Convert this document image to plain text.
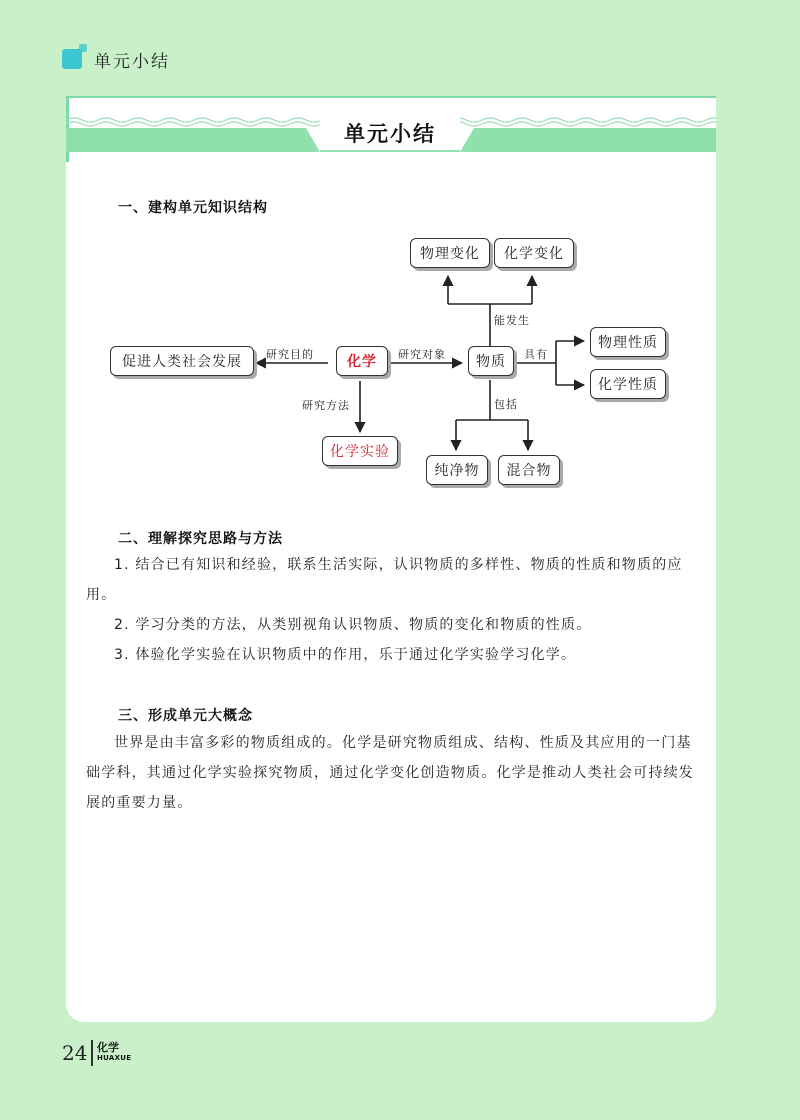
单元小结
单元小结
一、建构单元知识结构
物理变化	化学变化
促进人类社会发展	化学	物质
物理性质
化学性质
化学实验
纯净物	混合物
能发生
研究目的	研究对象	具有
研究方法	包括
二、理解探究思路与方法

1. 结合已有知识和经验，联系生活实际，认识物质的多样性、物质的性质和物质的应用。

2. 学习分类的方法，从类别视角认识物质、物质的变化和物质的性质。

3. 体验化学实验在认识物质中的作用，乐于通过化学实验学习化学。

三、形成单元大概念

世界是由丰富多彩的物质组成的。化学是研究物质组成、结构、性质及其应用的一门基础学科，其通过化学实验探究物质，通过化学变化创造物质。化学是推动人类社会可持续发展的重要力量。

24 化学
HUAXUE
